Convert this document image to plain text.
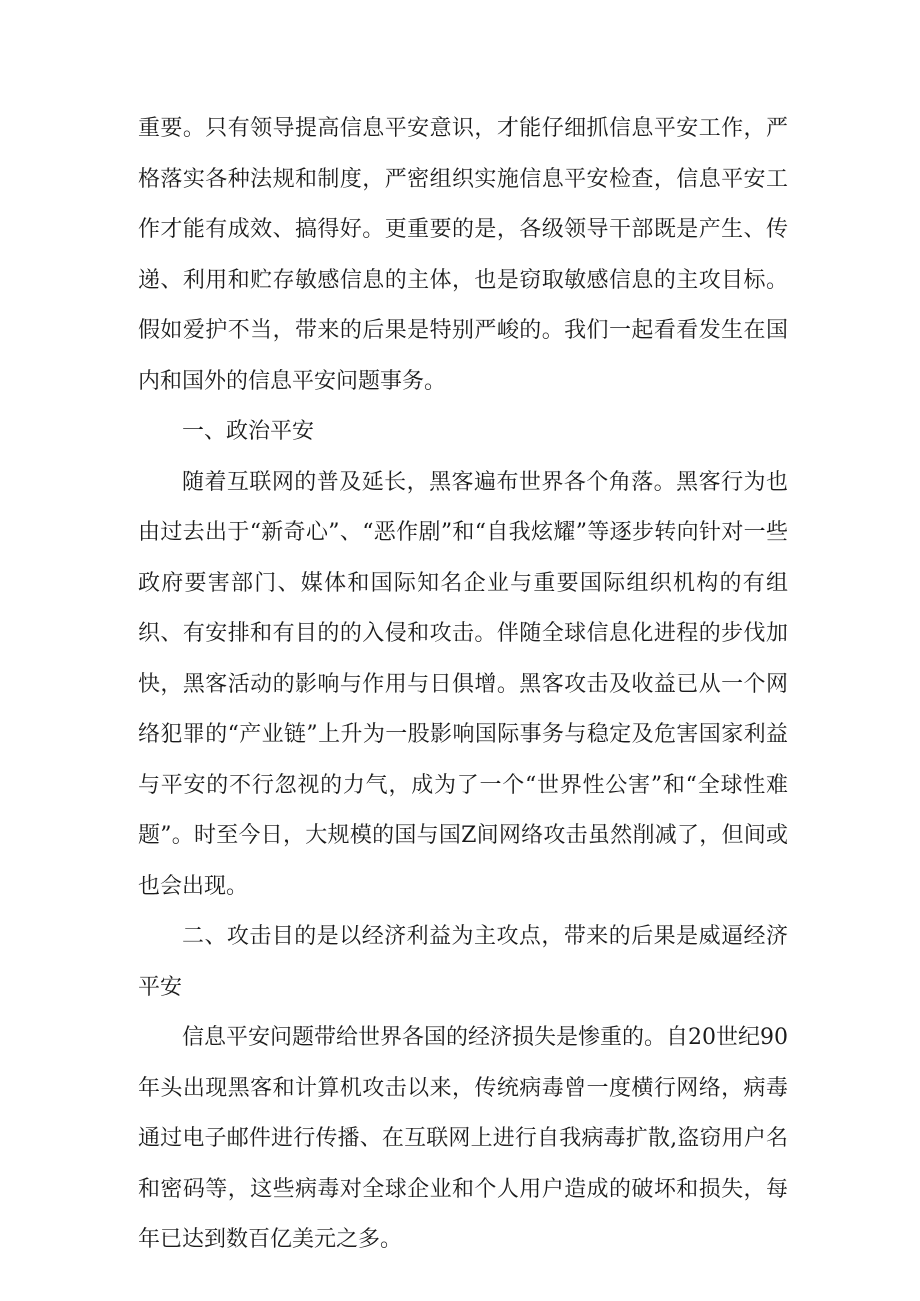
重要。只有领导提高信息平安意识，才能仔细抓信息平安工作，严格落实各种法规和制度，严密组织实施信息平安检查，信息平安工作才能有成效、搞得好。更重要的是，各级领导干部既是产生、传递、利用和贮存敏感信息的主体，也是窃取敏感信息的主攻目标。假如爱护不当，带来的后果是特别严峻的。我们一起看看发生在国内和国外的信息平安问题事务。

一、政治平安

随着互联网的普及延长，黑客遍布世界各个角落。黑客行为也由过去出于“新奇心”、“恶作剧”和“自我炫耀”等逐步转向针对一些政府要害部门、媒体和国际知名企业与重要国际组织机构的有组织、有安排和有目的的入侵和攻击。伴随全球信息化进程的步伐加快，黑客活动的影响与作用与日俱增。黑客攻击及收益已从一个网络犯罪的“产业链”上升为一股影响国际事务与稳定及危害国家利益与平安的不行忽视的力气，成为了一个“世界性公害”和“全球性难题”。时至今日，大规模的国与国Z间网络攻击虽然削减了，但间或也会出现。

二、攻击目的是以经济利益为主攻点，带来的后果是威逼经济平安

信息平安问题带给世界各国的经济损失是惨重的。自20世纪90年头出现黑客和计算机攻击以来，传统病毒曾一度横行网络，病毒通过电子邮件进行传播、在互联网上进行自我病毒扩散,盗窃用户名和密码等，这些病毒对全球企业和个人用户造成的破坏和损失，每年已达到数百亿美元之多。
